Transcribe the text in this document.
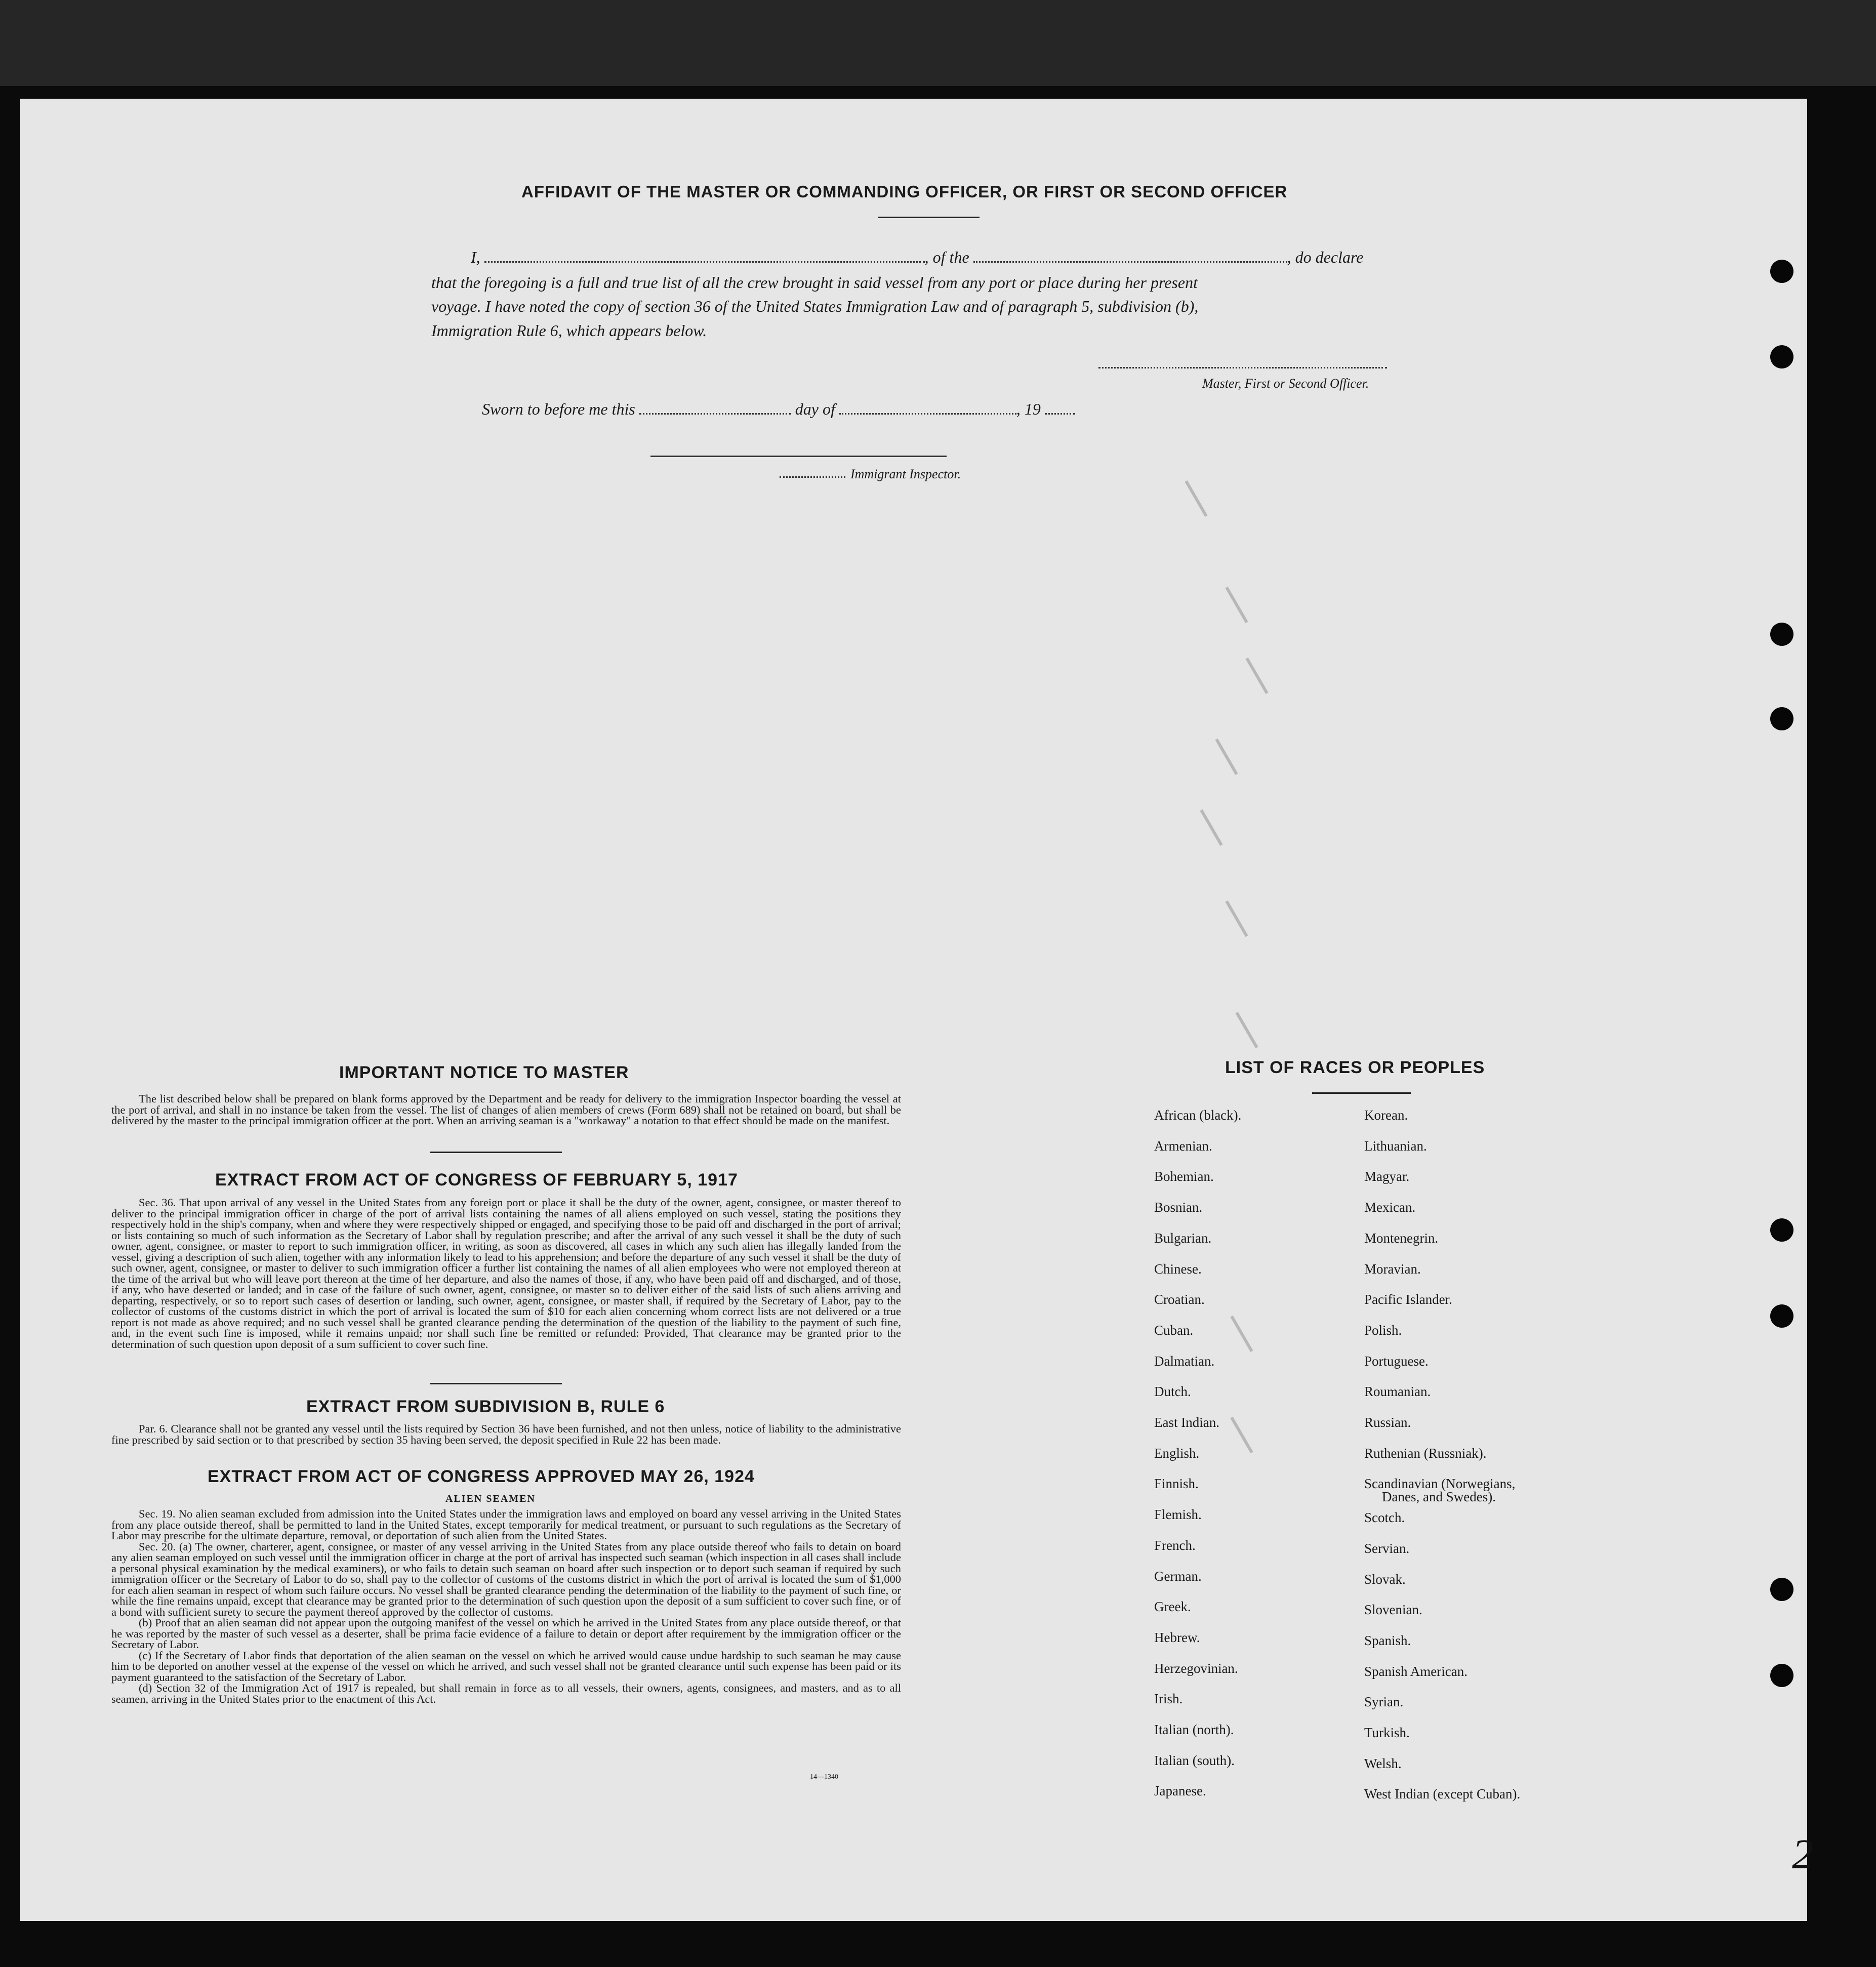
AFFIDAVIT OF THE MASTER OR COMMANDING OFFICER, OR FIRST OR SECOND OFFICER
I,	, of the	, do declare
that the foregoing is a full and true list of all the crew brought in said vessel from any port or place during her present
voyage. I have noted the copy of section 36 of the United States Immigration Law and of paragraph 5, subdivision (b),
Immigration Rule 6, which appears below.
Master, First or Second Officer.
Sworn to before me this	day of	, 19
Immigrant Inspector.
IMPORTANT NOTICE TO MASTER

The list described below shall be prepared on blank forms approved by the Department and be ready for delivery to the immigration Inspector boarding the vessel at the port of arrival, and shall in no instance be taken from the vessel. The list of changes of alien members of crews (Form 689) shall not be retained on board, but shall be delivered by the master to the principal immigration officer at the port. When an arriving seaman is a "workaway" a notation to that effect should be made on the manifest.

EXTRACT FROM ACT OF CONGRESS OF FEBRUARY 5, 1917

Sec. 36. That upon arrival of any vessel in the United States from any foreign port or place it shall be the duty of the owner, agent, consignee, or master thereof to deliver to the principal immigration officer in charge of the port of arrival lists containing the names of all aliens employed on such vessel, stating the positions they respectively hold in the ship's company, when and where they were respectively shipped or engaged, and specifying those to be paid off and discharged in the port of arrival; or lists containing so much of such information as the Secretary of Labor shall by regulation prescribe; and after the arrival of any such vessel it shall be the duty of such owner, agent, consignee, or master to report to such immigration officer, in writing, as soon as discovered, all cases in which any such alien has illegally landed from the vessel, giving a description of such alien, together with any information likely to lead to his apprehension; and before the departure of any such vessel it shall be the duty of such owner, agent, consignee, or master to deliver to such immigration officer a further list containing the names of all alien employees who were not employed thereon at the time of the arrival but who will leave port thereon at the time of her departure, and also the names of those, if any, who have been paid off and discharged, and of those, if any, who have deserted or landed; and in case of the failure of such owner, agent, consignee, or master so to deliver either of the said lists of such aliens arriving and departing, respectively, or so to report such cases of desertion or landing, such owner, agent, consignee, or master shall, if required by the Secretary of Labor, pay to the collector of customs of the customs district in which the port of arrival is located the sum of $10 for each alien concerning whom correct lists are not delivered or a true report is not made as above required; and no such vessel shall be granted clearance pending the determination of the question of the liability to the payment of such fine, and, in the event such fine is imposed, while it remains unpaid; nor shall such fine be remitted or refunded: Provided, That clearance may be granted prior to the determination of such question upon deposit of a sum sufficient to cover such fine.

EXTRACT FROM SUBDIVISION B, RULE 6

Par. 6. Clearance shall not be granted any vessel until the lists required by Section 36 have been furnished, and not then unless, notice of liability to the administrative fine prescribed by said section or to that prescribed by section 35 having been served, the deposit specified in Rule 22 has been made.

EXTRACT FROM ACT OF CONGRESS APPROVED MAY 26, 1924
ALIEN SEAMEN

Sec. 19. No alien seaman excluded from admission into the United States under the immigration laws and employed on board any vessel arriving in the United States from any place outside thereof, shall be permitted to land in the United States, except temporarily for medical treatment, or pursuant to such regulations as the Secretary of Labor may prescribe for the ultimate departure, removal, or deportation of such alien from the United States.

Sec. 20. (a) The owner, charterer, agent, consignee, or master of any vessel arriving in the United States from any place outside thereof who fails to detain on board any alien seaman employed on such vessel until the immigration officer in charge at the port of arrival has inspected such seaman (which inspection in all cases shall include a personal physical examination by the medical examiners), or who fails to detain such seaman on board after such inspection or to deport such seaman if required by such immigration officer or the Secretary of Labor to do so, shall pay to the collector of customs of the customs district in which the port of arrival is located the sum of $1,000 for each alien seaman in respect of whom such failure occurs. No vessel shall be granted clearance pending the determination of the liability to the payment of such fine, or while the fine remains unpaid, except that clearance may be granted prior to the determination of such question upon the deposit of a sum sufficient to cover such fine, or of a bond with sufficient surety to secure the payment thereof approved by the collector of customs.

(b) Proof that an alien seaman did not appear upon the outgoing manifest of the vessel on which he arrived in the United States from any place outside thereof, or that he was reported by the master of such vessel as a deserter, shall be prima facie evidence of a failure to detain or deport after requirement by the immigration officer or the Secretary of Labor.

(c) If the Secretary of Labor finds that deportation of the alien seaman on the vessel on which he arrived would cause undue hardship to such seaman he may cause him to be deported on another vessel at the expense of the vessel on which he arrived, and such vessel shall not be granted clearance until such expense has been paid or its payment guaranteed to the satisfaction of the Secretary of Labor.

(d) Section 32 of the Immigration Act of 1917 is repealed, but shall remain in force as to all vessels, their owners, agents, consignees, and masters, and as to all seamen, arriving in the United States prior to the enactment of this Act.

14—1340
LIST OF RACES OR PEOPLES
2
African (black).
Armenian.
Bohemian.
Bosnian.
Bulgarian.
Chinese.
Croatian.
Cuban.
Dalmatian.
Dutch.
East Indian.
English.
Finnish.
Flemish.
French.
German.
Greek.
Hebrew.
Herzegovinian.
Irish.
Italian (north).
Italian (south).
Japanese.
Korean.
Lithuanian.
Magyar.
Mexican.
Montenegrin.
Moravian.
Pacific Islander.
Polish.
Portuguese.
Roumanian.
Russian.
Ruthenian (Russniak).
Scandinavian (Norwegians,
Danes, and Swedes).
Scotch.
Servian.
Slovak.
Slovenian.
Spanish.
Spanish American.
Syrian.
Turkish.
Welsh.
West Indian (except Cuban).
